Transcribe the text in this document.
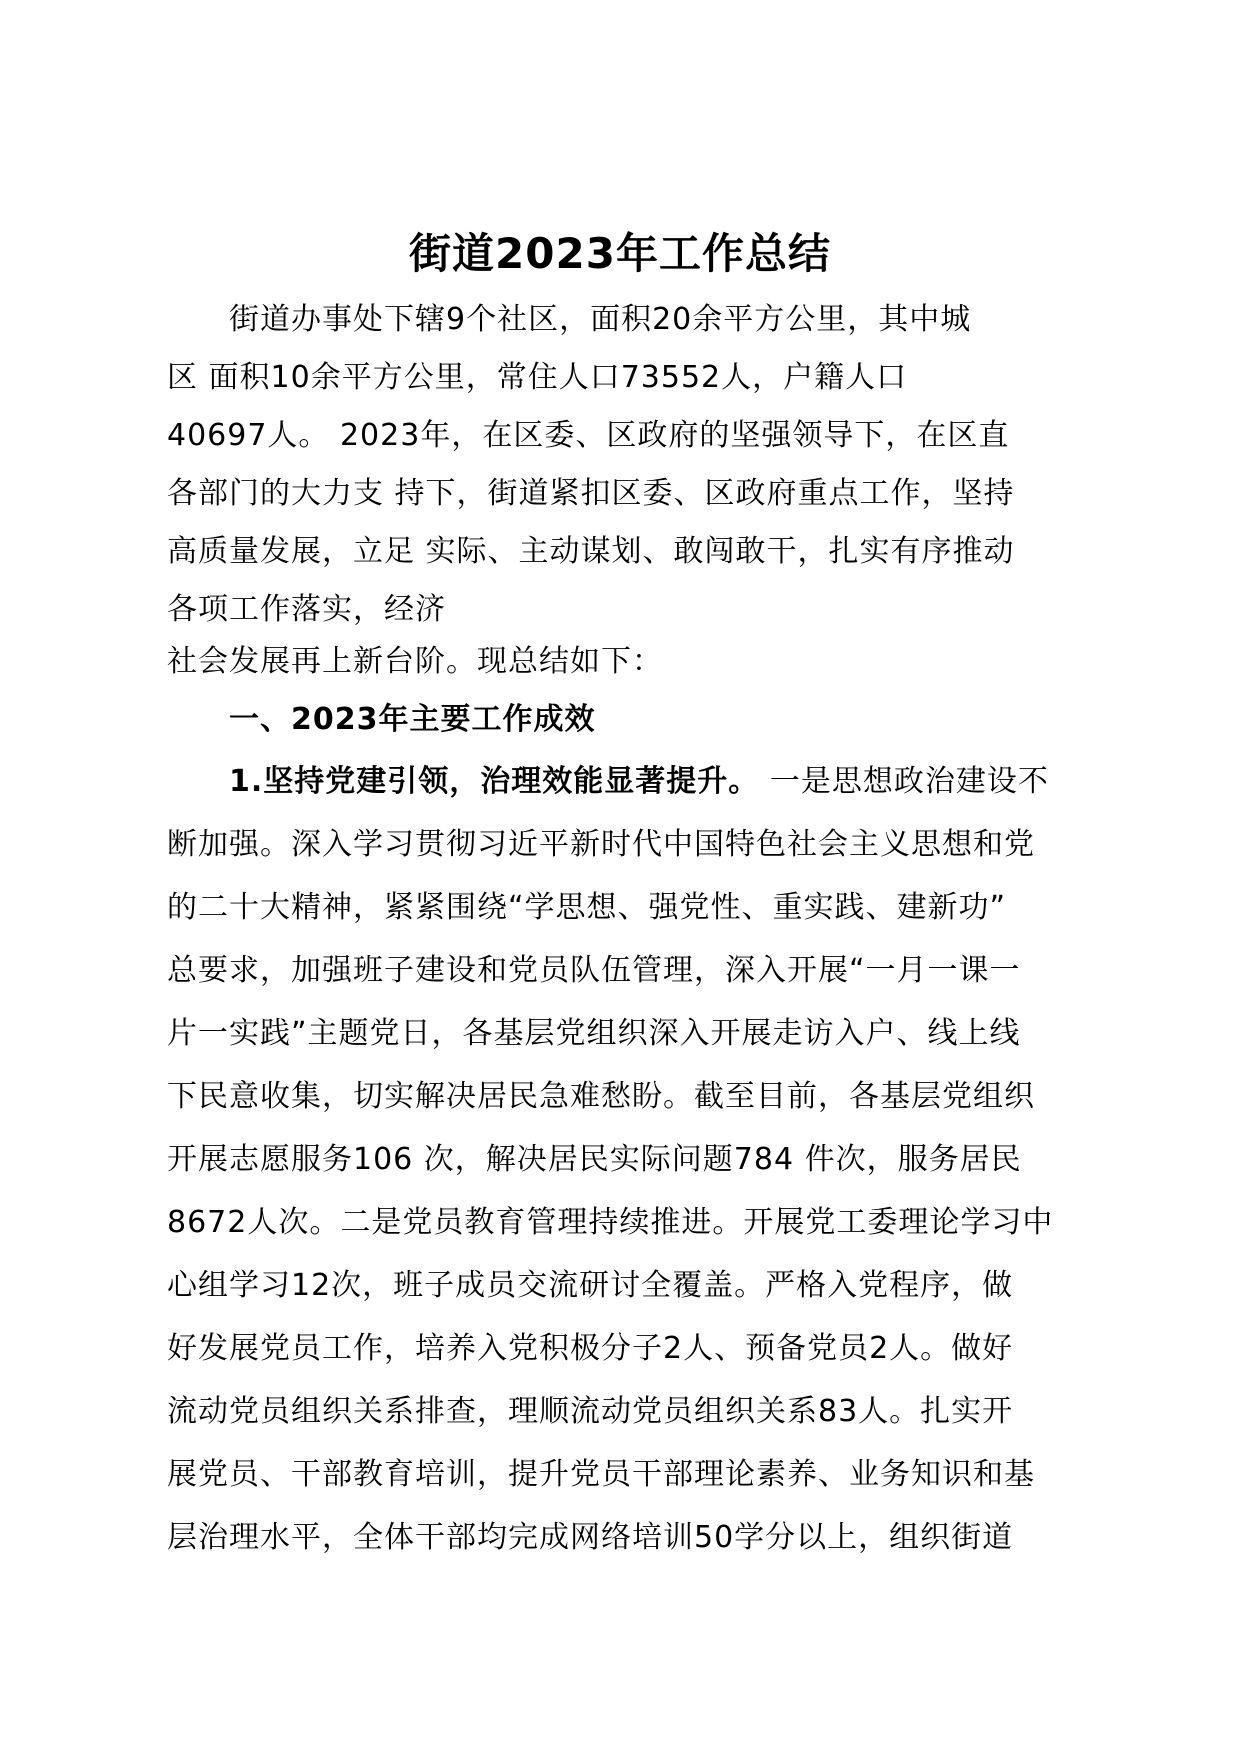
街道2023年工作总结
街道办事处下辖9个社区，面积20余平方公里，其中城
区 面积10余平方公里，常住人口73552人，户籍人口
40697人。 2023年，在区委、区政府的坚强领导下，在区直
各部门的大力支 持下，街道紧扣区委、区政府重点工作，坚持
高质量发展，立足 实际、主动谋划、敢闯敢干，扎实有序推动
各项工作落实，经济
社会发展再上新台阶。现总结如下：
一、2023年主要工作成效
1.坚持党建引领，治理效能显著提升。 一是思想政治建设不
断加强。深入学习贯彻习近平新时代中国特色社会主义思想和党
的二十大精神，紧紧围绕“学思想、强党性、重实践、建新功”
总要求，加强班子建设和党员队伍管理，深入开展“一月一课一
片一实践”主题党日，各基层党组织深入开展走访入户、线上线
下民意收集，切实解决居民急难愁盼。截至目前，各基层党组织
开展志愿服务106 次，解决居民实际问题784 件次，服务居民
8672人次。二是党员教育管理持续推进。开展党工委理论学习中
心组学习12次，班子成员交流研讨全覆盖。严格入党程序，做
好发展党员工作，培养入党积极分子2人、预备党员2人。做好
流动党员组织关系排查，理顺流动党员组织关系83人。扎实开
展党员、干部教育培训，提升党员干部理论素养、业务知识和基
层治理水平，全体干部均完成网络培训50学分以上，组织街道
